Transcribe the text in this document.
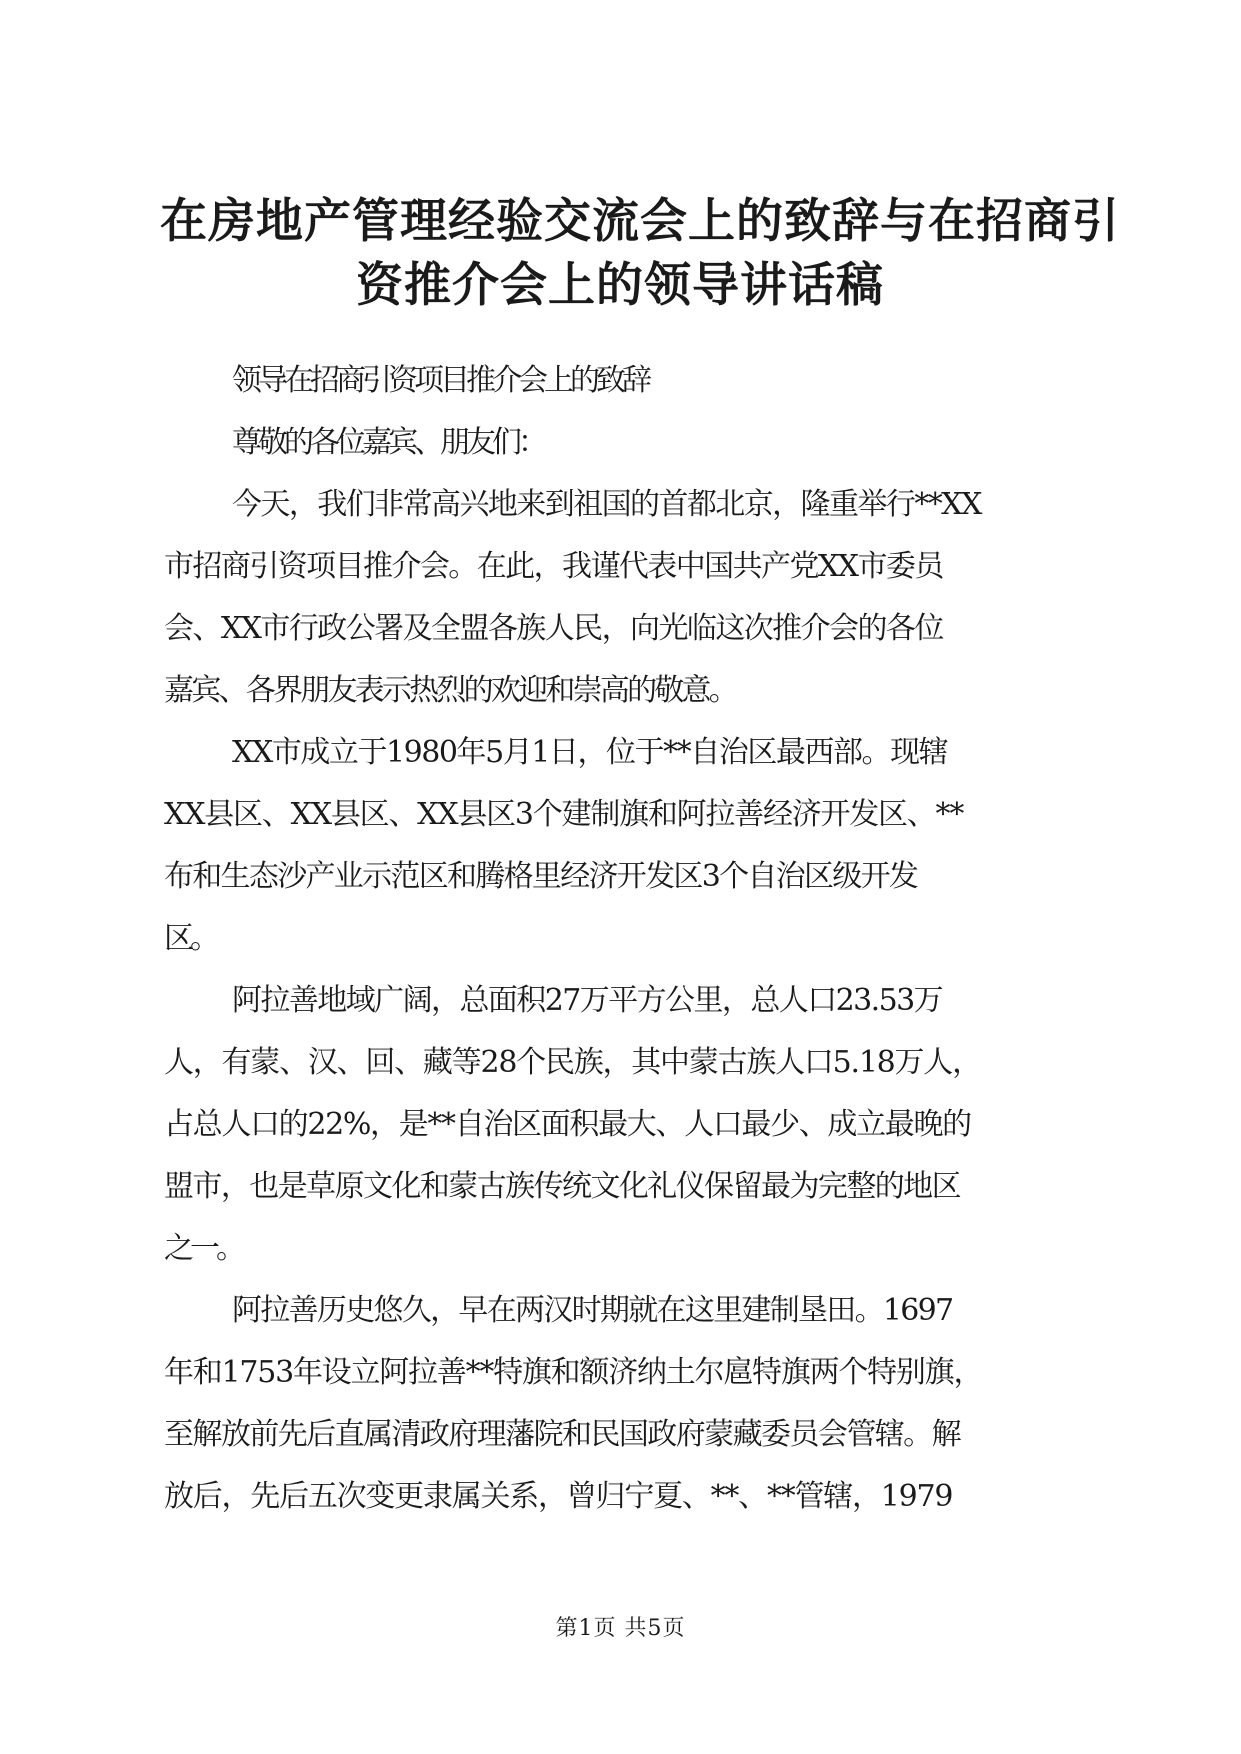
在房地产管理经验交流会上的致辞与在招商引
资推介会上的领导讲话稿
领导在招商引资项目推介会上的致辞
尊敬的各位嘉宾、朋友们：
今天，我们非常高兴地来到祖国的首都北京，隆重举行**XX
市招商引资项目推介会。在此，我谨代表中国共产党XX市委员
会、XX市行政公署及全盟各族人民，向光临这次推介会的各位
嘉宾、各界朋友表示热烈的欢迎和崇高的敬意。
XX市成立于1980年5月1日，位于**自治区最西部。现辖
XX县区、XX县区、XX县区3个建制旗和阿拉善经济开发区、**
布和生态沙产业示范区和腾格里经济开发区3个自治区级开发
区。
阿拉善地域广阔，总面积27万平方公里，总人口23.53万
人，有蒙、汉、回、藏等28个民族，其中蒙古族人口5.18万人，
占总人口的22%，是**自治区面积最大、人口最少、成立最晚的
盟市，也是草原文化和蒙古族传统文化礼仪保留最为完整的地区
之一。
阿拉善历史悠久，早在两汉时期就在这里建制垦田。1697
年和1753年设立阿拉善**特旗和额济纳土尔扈特旗两个特别旗，
至解放前先后直属清政府理藩院和民国政府蒙藏委员会管辖。解
放后，先后五次变更隶属关系，曾归宁夏、**、**管辖，1979
第1页 共5页
